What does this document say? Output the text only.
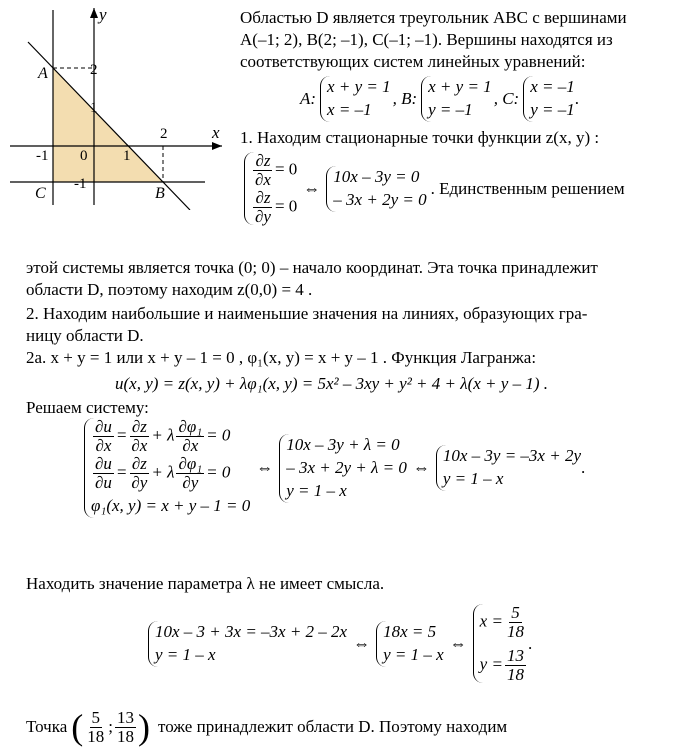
x
y
2
1
-1
-1 0 1
2
A
B
C
Областью D является треугольник ABC с вершинами
A(–1; 2), B(2; –1), C(–1; –1). Вершины находятся из
соответствующих систем линейных уравнений:
A:
x + y = 1
x = –1
, B:
x + y = 1
y = –1
, C:
x = –1
y = –1
.
1. Находим стационарные точки функции z(x, y) :
$\frac{\partial z}{\partial x} = 0$
$\frac{\partial z}{\partial y} = 0$
⇔
10x – 3y = 0
– 3x + 2y = 0
. Единственным решением
этой системы является точка (0; 0) – начало координат. Эта точка принадлежит
области D, поэтому находим z(0,0) = 4 .
2. Находим наибольшие и наименьшие значения на линиях, образующих гра-
ницу области D.
2а. x + y = 1 или x + y – 1 = 0 , φ₁(x, y) = x + y – 1 . Функция Лагранжа:
u(x, y) = z(x, y) + λφ₁(x, y) = 5x² – 3xy + y² + 4 + λ(x + y – 1) .
Решаем систему:
$\frac{\partial u}{\partial x} = \frac{\partial z}{\partial x} + \lambda \frac{\text{∂φ₁}}{\partial x} = 0$
$\frac{\partial u}{\partial u} = \frac{\partial z}{\partial y} + \lambda \frac{\text{∂φ₁}}{\partial y} = 0$
φ₁(x, y) = x + y – 1 = 0
⇔
10x – 3y + λ = 0
– 3x + 2y + λ = 0
y = 1 – x
⇔
10x – 3y = –3x + 2y
y = 1 – x
.
Находить значение параметра λ не имеет смысла.
10x – 3 + 3x = –3x + 2 – 2x
y = 1 – x
⇔
18x = 5
y = 1 – x
⇔
$x = \frac{5}{18}$
$y = \frac{13}{18}$
.
Точка ( $\frac{5}{18}$ ; $\frac{13}{18}$ ) тоже принадлежит области D. Поэтому находим
